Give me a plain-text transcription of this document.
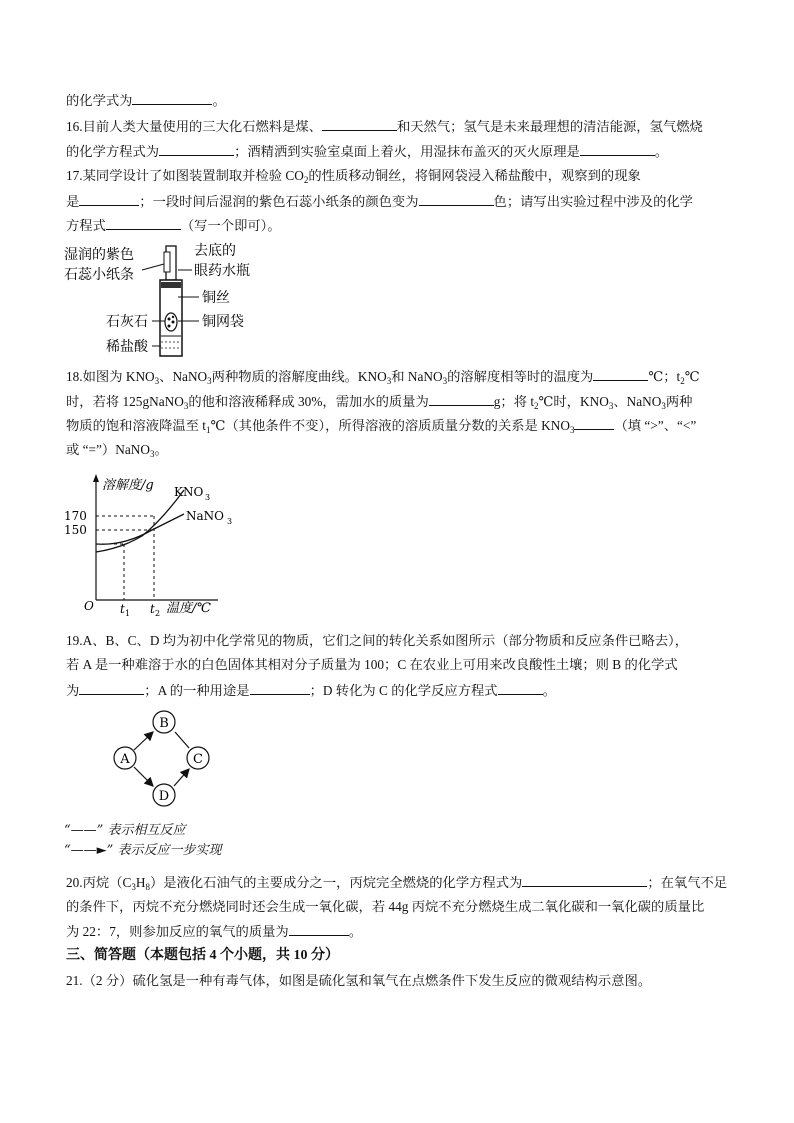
的化学式为	。
16.目前人类大量使用的三大化石燃料是煤、	和天然气；氢气是未来最理想的清洁能源，氢气燃烧
的化学方程式为	；酒精洒到实验室桌面上着火，用湿抹布盖灭的灭火原理是	。
17.某同学设计了如图装置制取并检验 $CO_2$的性质移动铜丝，将铜网袋浸入稀盐酸中，观察到的现象
是	；一段时间后湿润的紫色石蕊小纸条的颜色变为	色；请写出实验过程中涉及的化学
方程式	（写一个即可）。
湿润的紫色
石蕊小纸条
去底的
眼药水瓶
铜丝
铜网袋
石灰石
稀盐酸
18.如图为 $KNO_3$、NaNO$_3$两种物质的溶解度曲线。$KNO_3$和 NaNO$_3$的溶解度相等时的温度为	℃；$t_2℃$
时，若将 125gNaNO$_3$的他和溶液稀释成 30%，需加水的质量为	g；将 $t_2℃$时，$KNO_3$、NaNO$_3$两种
物质的饱和溶液降温至 $t_1℃$（其他条件不变），所得溶液的溶质质量分数的关系是 $KNO_3$	（填 “>”、“<”
或 “=”）NaNO$_3$。
溶解度/g
温度/℃
O
150
170
KNO 3
NaNO 3
t 1 t 2
19.A、B、C、D 均为初中化学常见的物质，它们之间的转化关系如图所示（部分物质和反应条件已略去），
若 A 是一种难溶于水的白色固体其相对分子质量为 100；C 在农业上可用来改良酸性土壤；则 B 的化学式
为	；A 的一种用途是	；D 转化为 C 的化学反应方程式	。
A
B
C
D
“——” 表示相互反应
“——►” 表示反应一步实现
20.丙烷$(C_3H_8)$是液化石油气的主要成分之一，丙烷完全燃烧的化学方程式为	；在氧气不足
的条件下，丙烷不充分燃烧同时还会生成一氧化碳，若 44g 丙烷不充分燃烧生成二氧化碳和一氧化碳的质量比
为 22：7，则参加反应的氧气的质量为	。
三、简答题（本题包括 4 个小题，共 10 分）
21.（2 分）硫化氢是一种有毒气体，如图是硫化氢和氧气在点燃条件下发生反应的微观结构示意图。
